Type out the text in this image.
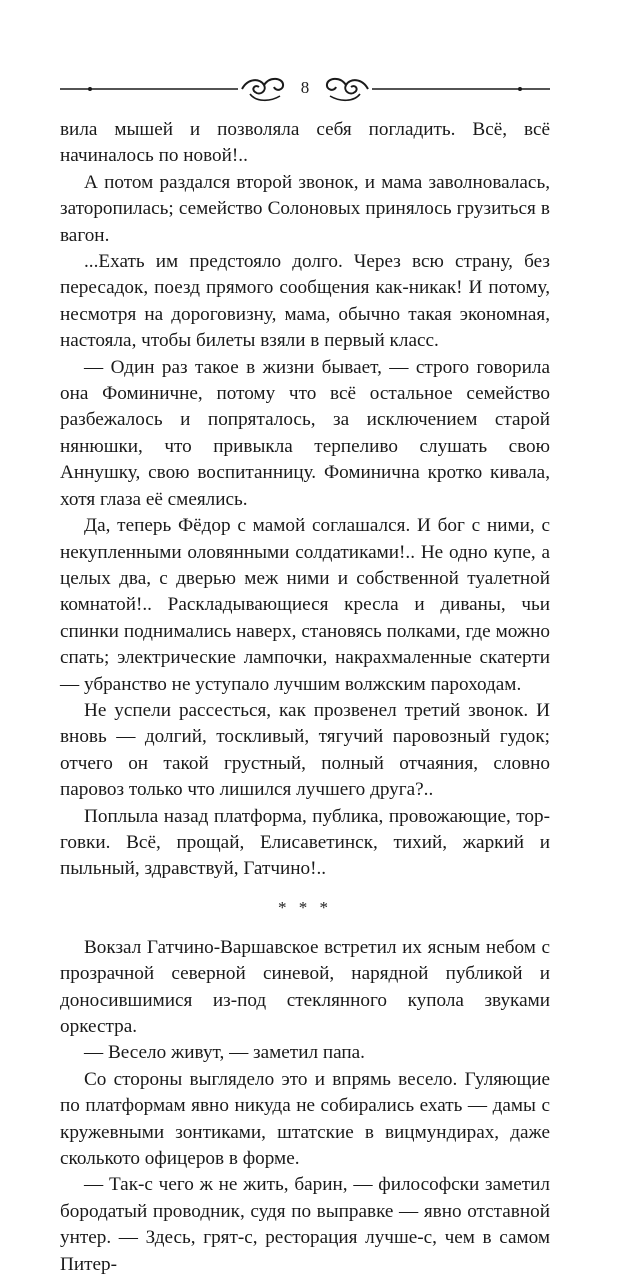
8

вила мышей и позволяла себя погладить. Всё, всё начиналось по новой!..

А потом раздался второй звонок, и мама заволновалась, заторопилась; семейство Солоновых принялось грузиться в вагон.

...Ехать им предстояло долго. Через всю страну, без пересадок, поезд прямого сообщения как-никак! И потому, несмотря на дороговизну, мама, обычно такая экономная, настояла, чтобы билеты взяли в первый класс.

— Один раз такое в жизни бывает, — строго говорила она Фоминичне, потому что всё остальное семейство разбежалось и попряталось, за исключением старой нянюшки, что привыкла терпеливо слушать свою Аннушку, свою воспитанницу. Фоминична кротко кивала, хотя глаза её смеялись.

Да, теперь Фёдор с мамой соглашался. И бог с ними, с некупленными оловянными солдатиками!.. Не одно купе, а целых два, с дверью меж ними и собственной туалетной комнатой!.. Раскладывающиеся кресла и диваны, чьи спинки поднимались наверх, становясь полками, где можно спать; электрические лампочки, накрахмаленные скатерти — убранство не уступало лучшим волжским пароходам.

Не успели рассесться, как прозвенел третий звонок. И вновь — долгий, тоскливый, тягучий паровозный гудок; отчего он такой грустный, полный отчаяния, словно паровоз только что лишился лучшего друга?..

Поплыла назад платформа, публика, провожающие, торговки. Всё, прощай, Елисаветинск, тихий, жаркий и пыльный, здравствуй, Гатчино!..

* * *

Вокзал Гатчино-Варшавское встретил их ясным небом с прозрачной северной синевой, нарядной публикой и доносившимися из-под стеклянного купола звуками оркестра.

— Весело живут, — заметил папа.

Со стороны выглядело это и впрямь весело. Гуляющие по платформам явно никуда не собирались ехать — дамы с кружевными зонтиками, штатские в вицмундирах, даже сколькото офицеров в форме.

— Так-с чего ж не жить, барин, — философски заметил бородатый проводник, судя по выправке — явно отставной унтер. — Здесь, грят-с, ресторация лучше-с, чем в самом Питер-
